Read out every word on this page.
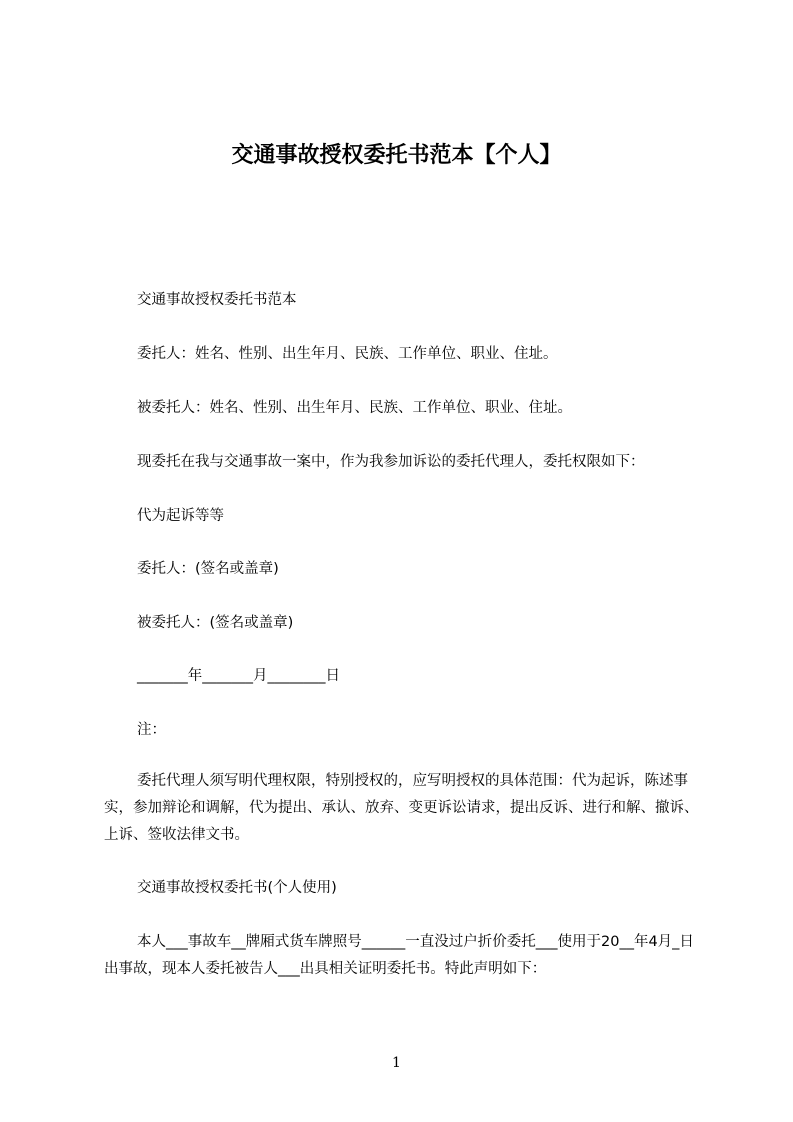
交通事故授权委托书范本【个人】
交通事故授权委托书范本
委托人：姓名、性别、出生年月、民族、工作单位、职业、住址。
被委托人：姓名、性别、出生年月、民族、工作单位、职业、住址。
现委托在我与交通事故一案中，作为我参加诉讼的委托代理人，委托权限如下：
代为起诉等等
委托人：(签名或盖章)
被委托人：(签名或盖章)
_______年_______月________日
注：
委托代理人须写明代理权限，特别授权的，应写明授权的具体范围：代为起诉，陈述事实，参加辩论和调解，代为提出、承认、放弃、变更诉讼请求，提出反诉、进行和解、撤诉、上诉、签收法律文书。
交通事故授权委托书(个人使用)
本人___事故车__牌厢式货车牌照号______一直没过户折价委托___使用于20__年4月_日出事故，现本人委托被告人___出具相关证明委托书。特此声明如下：
1
